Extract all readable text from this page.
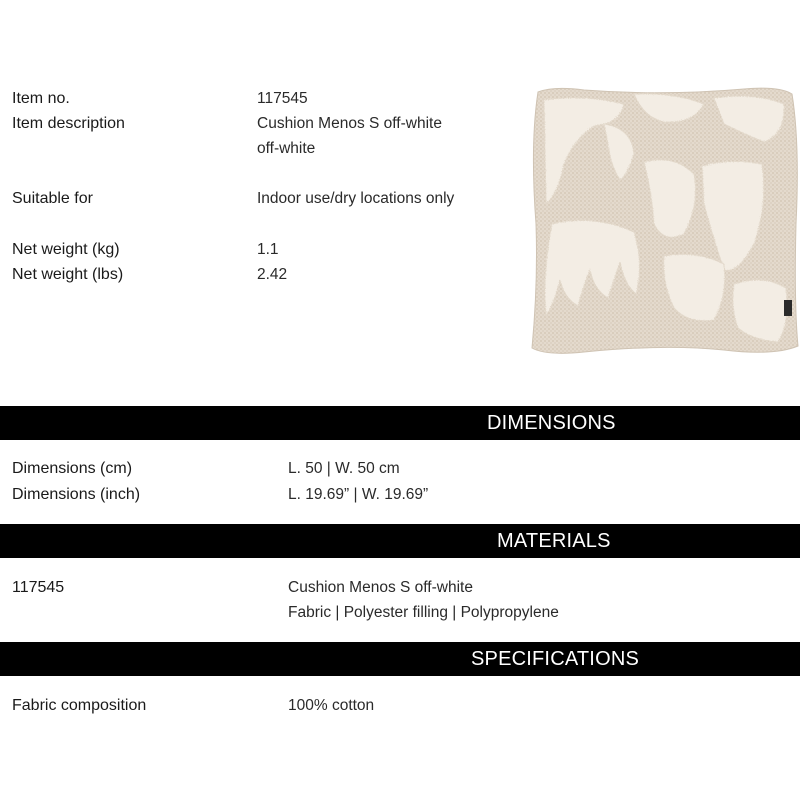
Item no.	117545
Item description	Cushion Menos S off-white
off-white
Suitable for	Indoor use/dry locations only
Net weight (kg)	1.1
Net weight (lbs)	2.42
DIMENSIONS
Dimensions (cm)	L. 50 | W. 50 cm
Dimensions (inch)	L. 19.69” | W. 19.69”
MATERIALS
117545	Cushion Menos S off-white
Fabric | Polyester filling | Polypropylene
SPECIFICATIONS
Fabric composition	100% cotton
